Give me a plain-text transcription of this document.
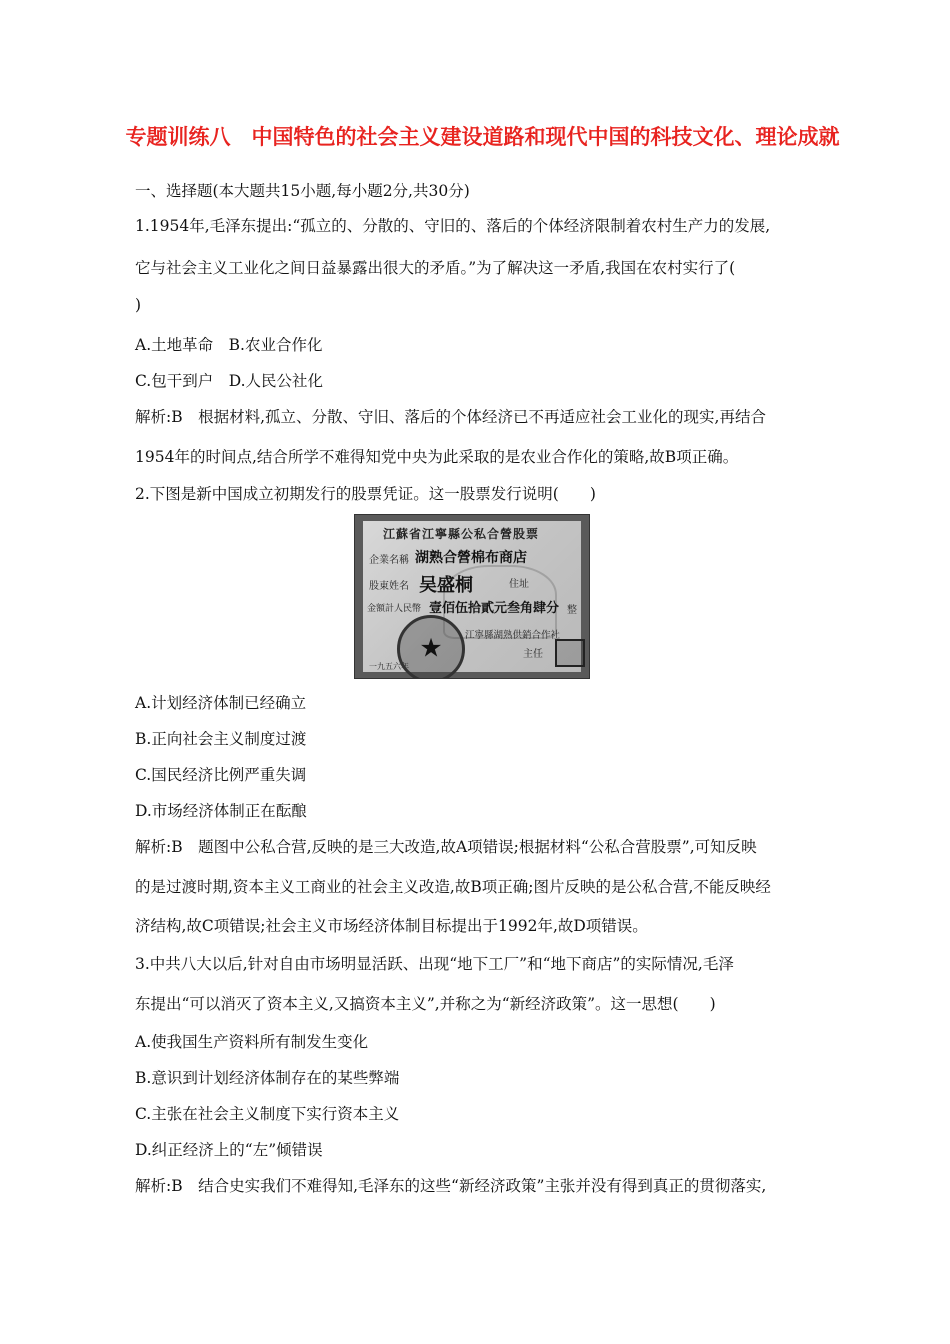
专题训练八　中国特色的社会主义建设道路和现代中国的科技文化、理论成就
一、选择题(本大题共15小题,每小题2分,共30分)
1.1954年,毛泽东提出:“孤立的、分散的、守旧的、落后的个体经济限制着农村生产力的发展,
它与社会主义工业化之间日益暴露出很大的矛盾。”为了解决这一矛盾,我国在农村实行了(
)
A.土地革命　B.农业合作化
C.包干到户　D.人民公社化
解析:B　根据材料,孤立、分散、守旧、落后的个体经济已不再适应社会工业化的现实,再结合
1954年的时间点,结合所学不难得知党中央为此采取的是农业合作化的策略,故B项正确。
2.下图是新中国成立初期发行的股票凭证。这一股票发行说明(　　)
江蘇省江寧縣公私合營股票
企業名稱 湖熟合營棉布商店
股東姓名 吴盛桐	住址
金額計人民幣 壹佰伍拾貳元叁角肆分 整
江寧縣湖熟供銷合作社
主任
一九五六年
★
A.计划经济体制已经确立
B.正向社会主义制度过渡
C.国民经济比例严重失调
D.市场经济体制正在酝酿
解析:B　题图中公私合营,反映的是三大改造,故A项错误;根据材料“公私合营股票”,可知反映
的是过渡时期,资本主义工商业的社会主义改造,故B项正确;图片反映的是公私合营,不能反映经
济结构,故C项错误;社会主义市场经济体制目标提出于1992年,故D项错误。
3.中共八大以后,针对自由市场明显活跃、出现“地下工厂”和“地下商店”的实际情况,毛泽
东提出“可以消灭了资本主义,又搞资本主义”,并称之为“新经济政策”。这一思想(　　)
A.使我国生产资料所有制发生变化
B.意识到计划经济体制存在的某些弊端
C.主张在社会主义制度下实行资本主义
D.纠正经济上的“左”倾错误
解析:B　结合史实我们不难得知,毛泽东的这些“新经济政策”主张并没有得到真正的贯彻落实,
